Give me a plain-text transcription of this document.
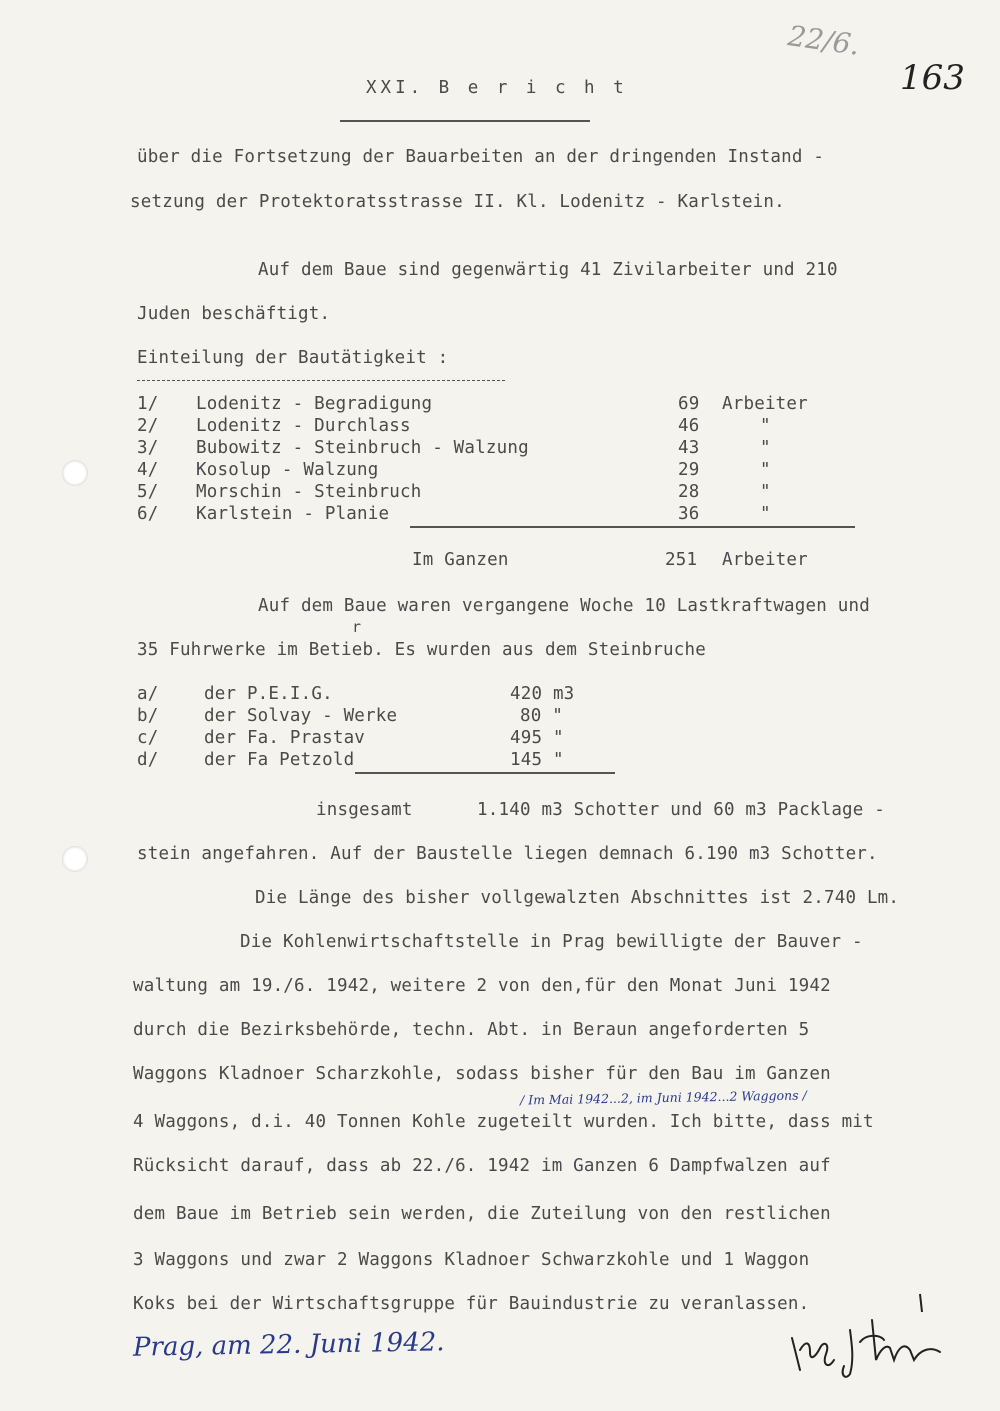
22/6.
163
XXI. B e r i c h t
über die Fortsetzung der Bauarbeiten an der dringenden Instand -
setzung der Protektoratsstrasse II. Kl. Lodenitz - Karlstein.
Auf dem Baue sind gegenwärtig 41 Zivilarbeiter und 210
Juden beschäftigt.
Einteilung der Bautätigkeit :
1/ Lodenitz - Begradigung	69 Arbeiter
2/ Lodenitz - Durchlass	46	"
3/ Bubowitz - Steinbruch - Walzung	43	"
4/ Kosolup - Walzung	29	"
5/ Morschin - Steinbruch	28	"
6/ Karlstein - Planie	36	"
Im Ganzen	251 Arbeiter
Auf dem Baue waren vergangene Woche 10 Lastkraftwagen und
r
35 Fuhrwerke im Betieb. Es wurden aus dem Steinbruche
a/	der P.E.I.G.	420 m3
b/	der Solvay - Werke	80 "
c/	der Fa. Prastav	495 "
d/	der Fa Petzold	145 "
insgesamt      1.140 m3 Schotter und 60 m3 Packlage -
stein angefahren. Auf der Baustelle liegen demnach 6.190 m3 Schotter.
Die Länge des bisher vollgewalzten Abschnittes ist 2.740 Lm.
Die Kohlenwirtschaftstelle in Prag bewilligte der Bauver -
waltung am 19./6. 1942, weitere 2 von den,für den Monat Juni 1942
durch die Bezirksbehörde, techn. Abt. in Beraun angeforderten 5
Waggons Kladnoer Scharzkohle, sodass bisher für den Bau im Ganzen
/ Im Mai 1942...2, im Juni 1942...2 Waggons /
4 Waggons, d.i. 40 Tonnen Kohle zugeteilt wurden. Ich bitte, dass mit
Rücksicht darauf, dass ab 22./6. 1942 im Ganzen 6 Dampfwalzen auf
dem Baue im Betrieb sein werden, die Zuteilung von den restlichen
3 Waggons und zwar 2 Waggons Kladnoer Schwarzkohle und 1 Waggon
Koks bei der Wirtschaftsgruppe für Bauindustrie zu veranlassen.
Prag, am 22. Juni 1942.
